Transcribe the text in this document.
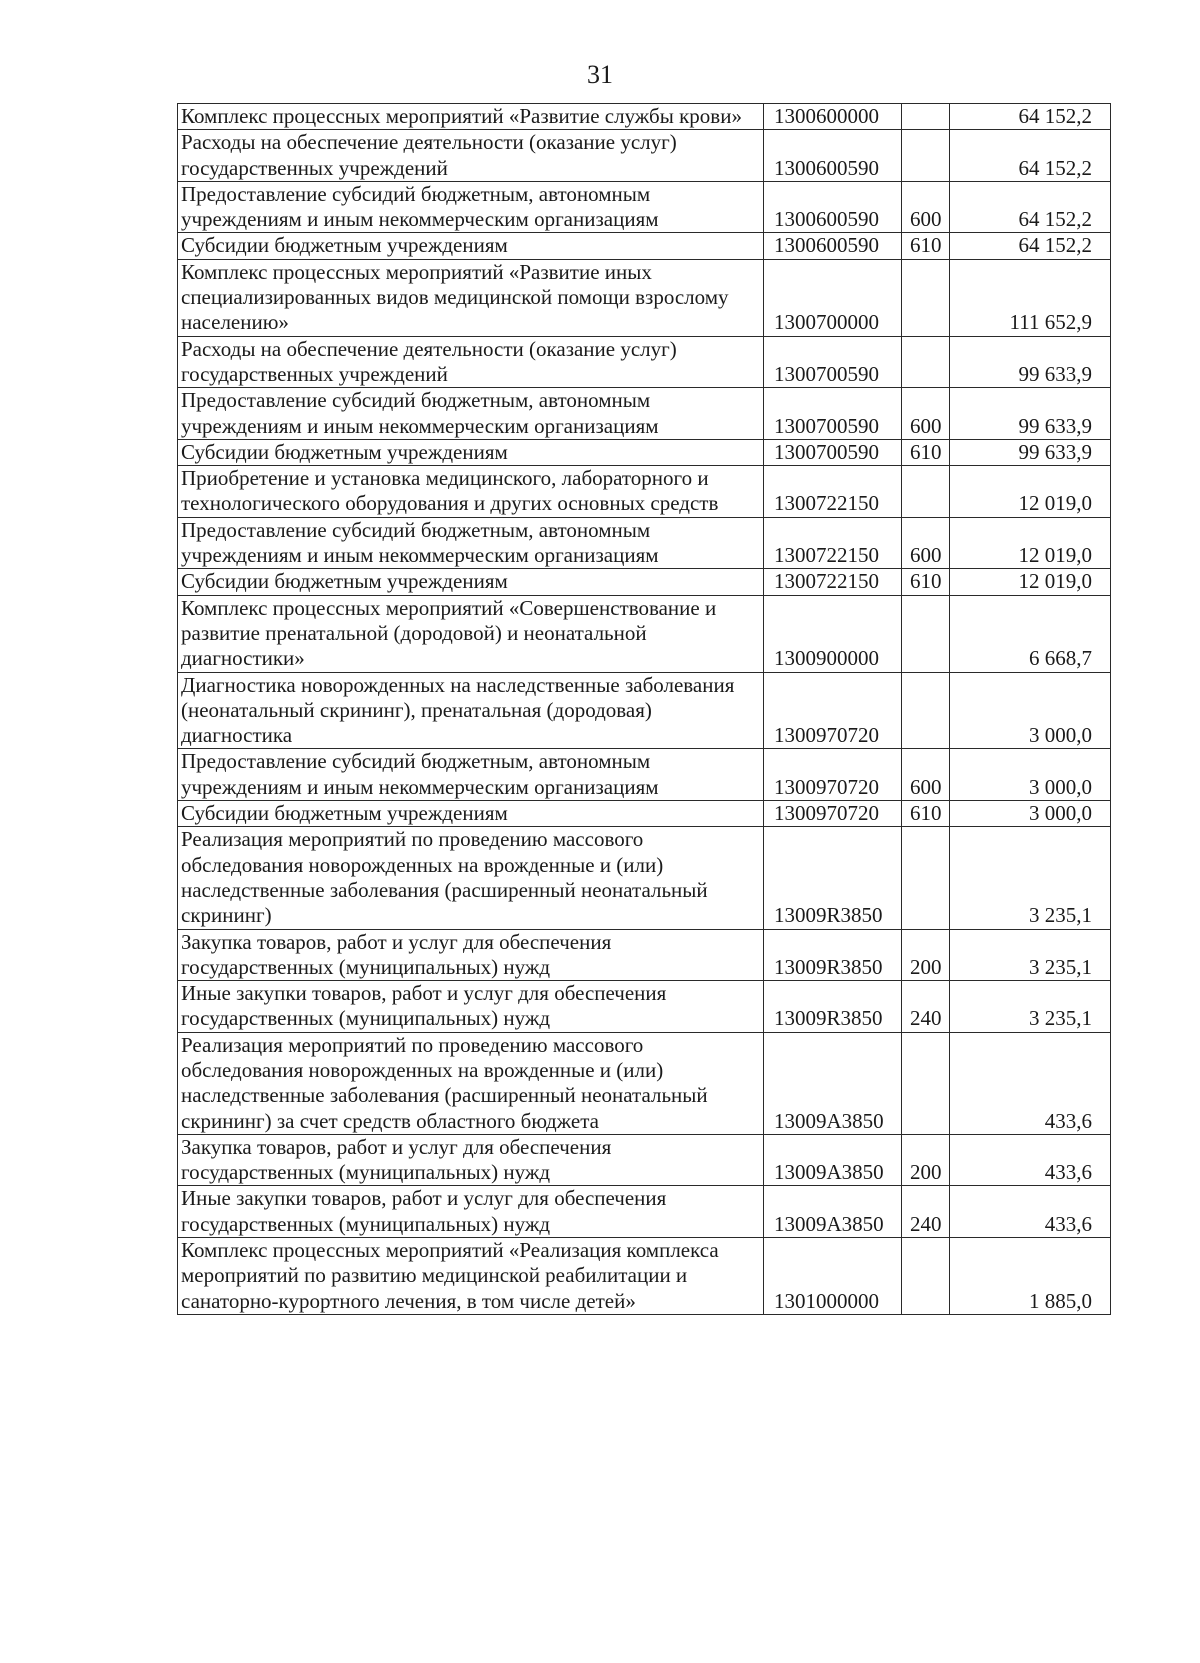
31
Комплекс процессных мероприятий «Развитие службы крови»	1300600000		64 152,2

Расходы на обеспечение деятельности (оказание услуг) государственных учреждений	1300600590		64 152,2

Предоставление субсидий бюджетным, автономным учреждениям и иным некоммерческим организациям	1300600590	600	64 152,2

Субсидии бюджетным учреждениям	1300600590	610	64 152,2

Комплекс процессных мероприятий «Развитие иных специализированных видов медицинской помощи взрослому населению»	1300700000		111 652,9

Расходы на обеспечение деятельности (оказание услуг) государственных учреждений	1300700590		99 633,9

Предоставление субсидий бюджетным, автономным учреждениям и иным некоммерческим организациям	1300700590	600	99 633,9

Субсидии бюджетным учреждениям	1300700590	610	99 633,9

Приобретение и установка медицинского, лабораторного и технологического оборудования и других основных средств	1300722150		12 019,0

Предоставление субсидий бюджетным, автономным учреждениям и иным некоммерческим организациям	1300722150	600	12 019,0

Субсидии бюджетным учреждениям	1300722150	610	12 019,0

Комплекс процессных мероприятий «Совершенствование и развитие пренатальной (дородовой) и неонатальной диагностики»	1300900000		6 668,7

Диагностика новорожденных на наследственные заболевания (неонатальный скрининг), пренатальная (дородовая) диагностика	1300970720		3 000,0

Предоставление субсидий бюджетным, автономным учреждениям и иным некоммерческим организациям	1300970720	600	3 000,0

Субсидии бюджетным учреждениям	1300970720	610	3 000,0

Реализация мероприятий по проведению массового обследования новорожденных на врожденные и (или) наследственные заболевания (расширенный неонатальный скрининг)	13009R3850		3 235,1

Закупка товаров, работ и услуг для обеспечения государственных (муниципальных) нужд	13009R3850	200	3 235,1

Иные закупки товаров, работ и услуг для обеспечения государственных (муниципальных) нужд	13009R3850	240	3 235,1

Реализация мероприятий по проведению массового обследования новорожденных на врожденные и (или) наследственные заболевания (расширенный неонатальный скрининг) за счет средств областного бюджета	13009A3850		433,6

Закупка товаров, работ и услуг для обеспечения государственных (муниципальных) нужд	13009A3850	200	433,6

Иные закупки товаров, работ и услуг для обеспечения государственных (муниципальных) нужд	13009A3850	240	433,6

Комплекс процессных мероприятий «Реализация комплекса мероприятий по развитию медицинской реабилитации и санаторно-курортного лечения, в том числе детей»	1301000000		1 885,0
